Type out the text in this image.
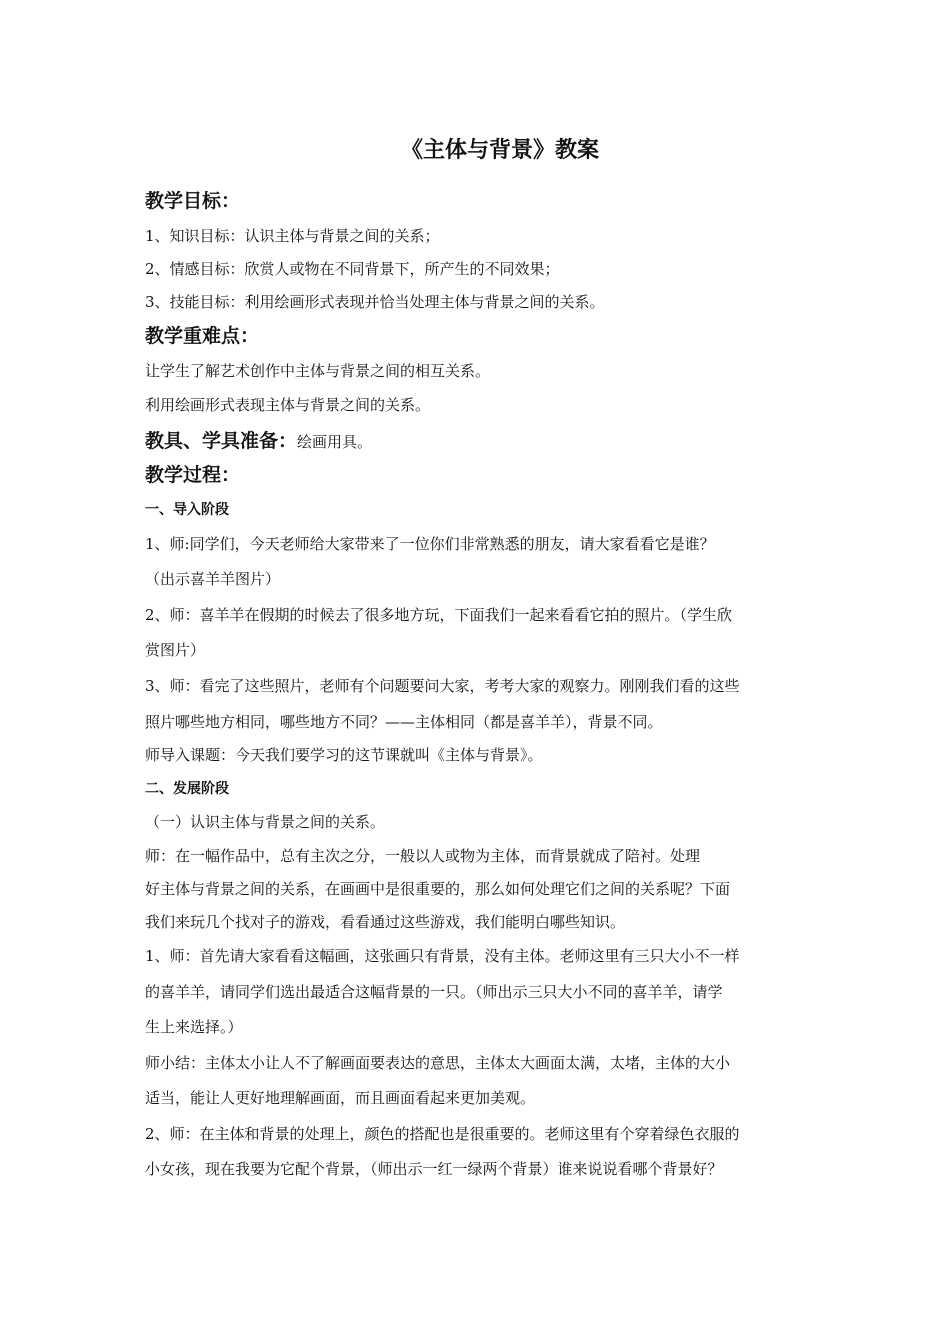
《主体与背景》教案
教学目标：
1、知识目标：认识主体与背景之间的关系；
2、情感目标：欣赏人或物在不同背景下，所产生的不同效果；
3、技能目标：利用绘画形式表现并恰当处理主体与背景之间的关系。
教学重难点：
让学生了解艺术创作中主体与背景之间的相互关系。
利用绘画形式表现主体与背景之间的关系。
教具、学具准备：绘画用具。
教学过程：
一、导入阶段
1、师:同学们，今天老师给大家带来了一位你们非常熟悉的朋友，请大家看看它是谁？
（出示喜羊羊图片）
2、师：喜羊羊在假期的时候去了很多地方玩，下面我们一起来看看它拍的照片。（学生欣
赏图片）
3、师：看完了这些照片，老师有个问题要问大家，考考大家的观察力。刚刚我们看的这些
照片哪些地方相同，哪些地方不同？——主体相同（都是喜羊羊），背景不同。
师导入课题：今天我们要学习的这节课就叫《主体与背景》。
二、发展阶段
（一）认识主体与背景之间的关系。
师：在一幅作品中，总有主次之分，一般以人或物为主体，而背景就成了陪衬。处理
好主体与背景之间的关系，在画画中是很重要的，那么如何处理它们之间的关系呢？下面
我们来玩几个找对子的游戏，看看通过这些游戏，我们能明白哪些知识。
1、师：首先请大家看看这幅画，这张画只有背景，没有主体。老师这里有三只大小不一样
的喜羊羊，请同学们选出最适合这幅背景的一只。（师出示三只大小不同的喜羊羊，请学
生上来选择。）
师小结：主体太小让人不了解画面要表达的意思，主体太大画面太满，太堵，主体的大小
适当，能让人更好地理解画面，而且画面看起来更加美观。
2、师：在主体和背景的处理上，颜色的搭配也是很重要的。老师这里有个穿着绿色衣服的
小女孩，现在我要为它配个背景，（师出示一红一绿两个背景）谁来说说看哪个背景好？
